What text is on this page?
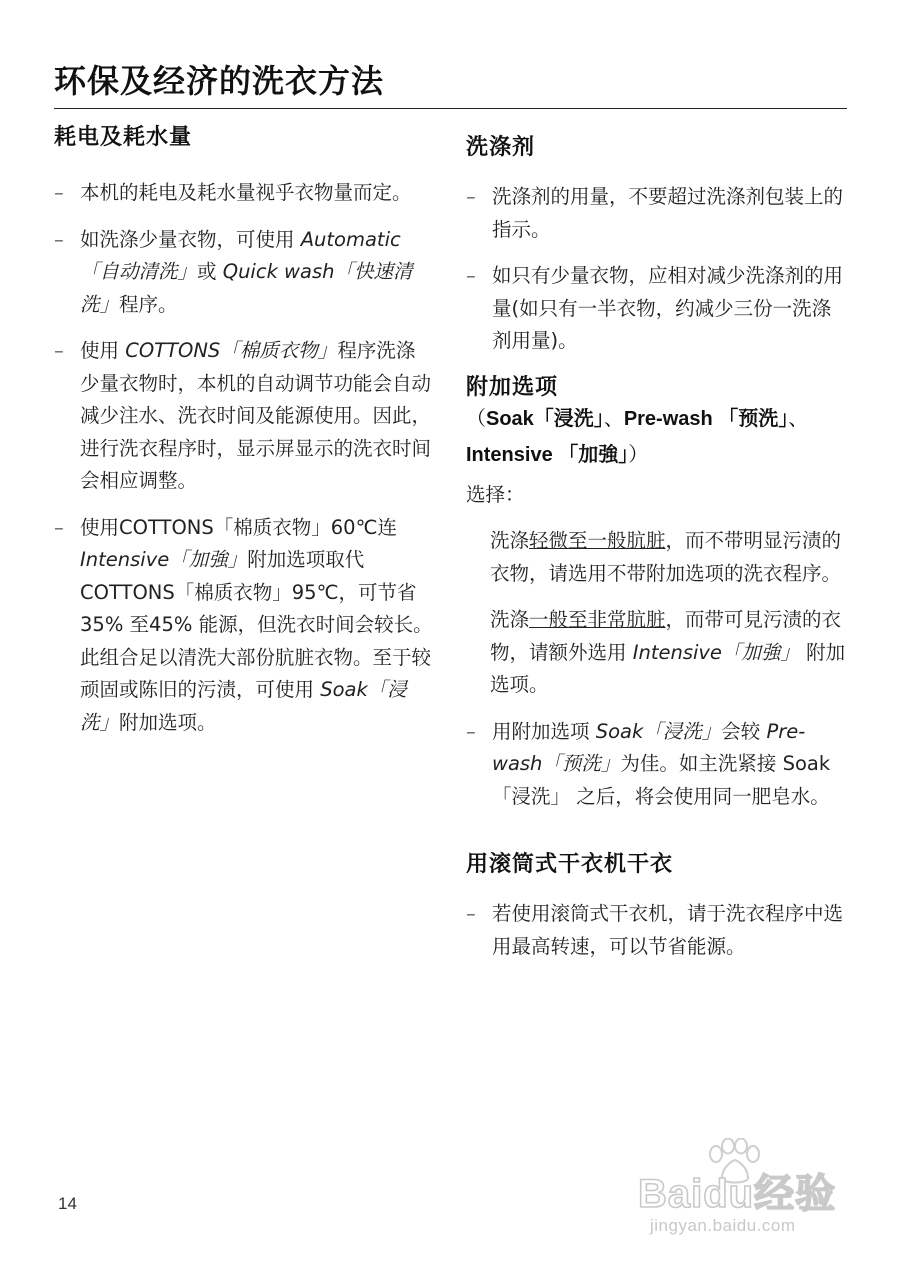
环保及经济的洗衣方法
耗电及耗水量
– 本机的耗电及耗水量视乎衣物量而定。
– 如洗涤少量衣物，可使用 Automatic「自动清洗」或 Quick wash「快速清洗」程序。
– 使用 COTTONS「棉质衣物」程序洗涤少量衣物时，本机的自动调节功能会自动减少注水、洗衣时间及能源使用。因此，进行洗衣程序时，显示屏显示的洗衣时间会相应调整。
– 使用COTTONS「棉质衣物」60℃连 Intensive「加強」附加选项取代 COTTONS「棉质衣物」95℃，可节省35% 至45% 能源，但洗衣时间会较长。此组合足以清洗大部份肮脏衣物。至于较顽固或陈旧的污渍，可使用 Soak「浸洗」附加选项。
洗涤剂
– 洗涤剂的用量，不要超过洗涤剂包装上的指示。
– 如只有少量衣物，应相对减少洗涤剂的用量(如只有一半衣物，约减少三份一洗涤剂用量)。
附加选项
（Soak「浸洗」、Pre-wash 「预洗」、Intensive 「加強」）
选择：
洗涤轻微至一般肮脏，而不带明显污渍的衣物，请选用不带附加选项的洗衣程序。
洗涤一般至非常肮脏，而带可見污渍的衣物，请额外选用 Intensive「加強」 附加选项。
– 用附加选项 Soak「浸洗」会较 Pre-wash「预洗」为佳。如主洗紧接 Soak「浸洗」 之后，将会使用同一肥皂水。
用滚筒式干衣机干衣
– 若使用滚筒式干衣机，请于洗衣程序中选用最高转速，可以节省能源。
14	Baidu经验
jingyan.baidu.com
